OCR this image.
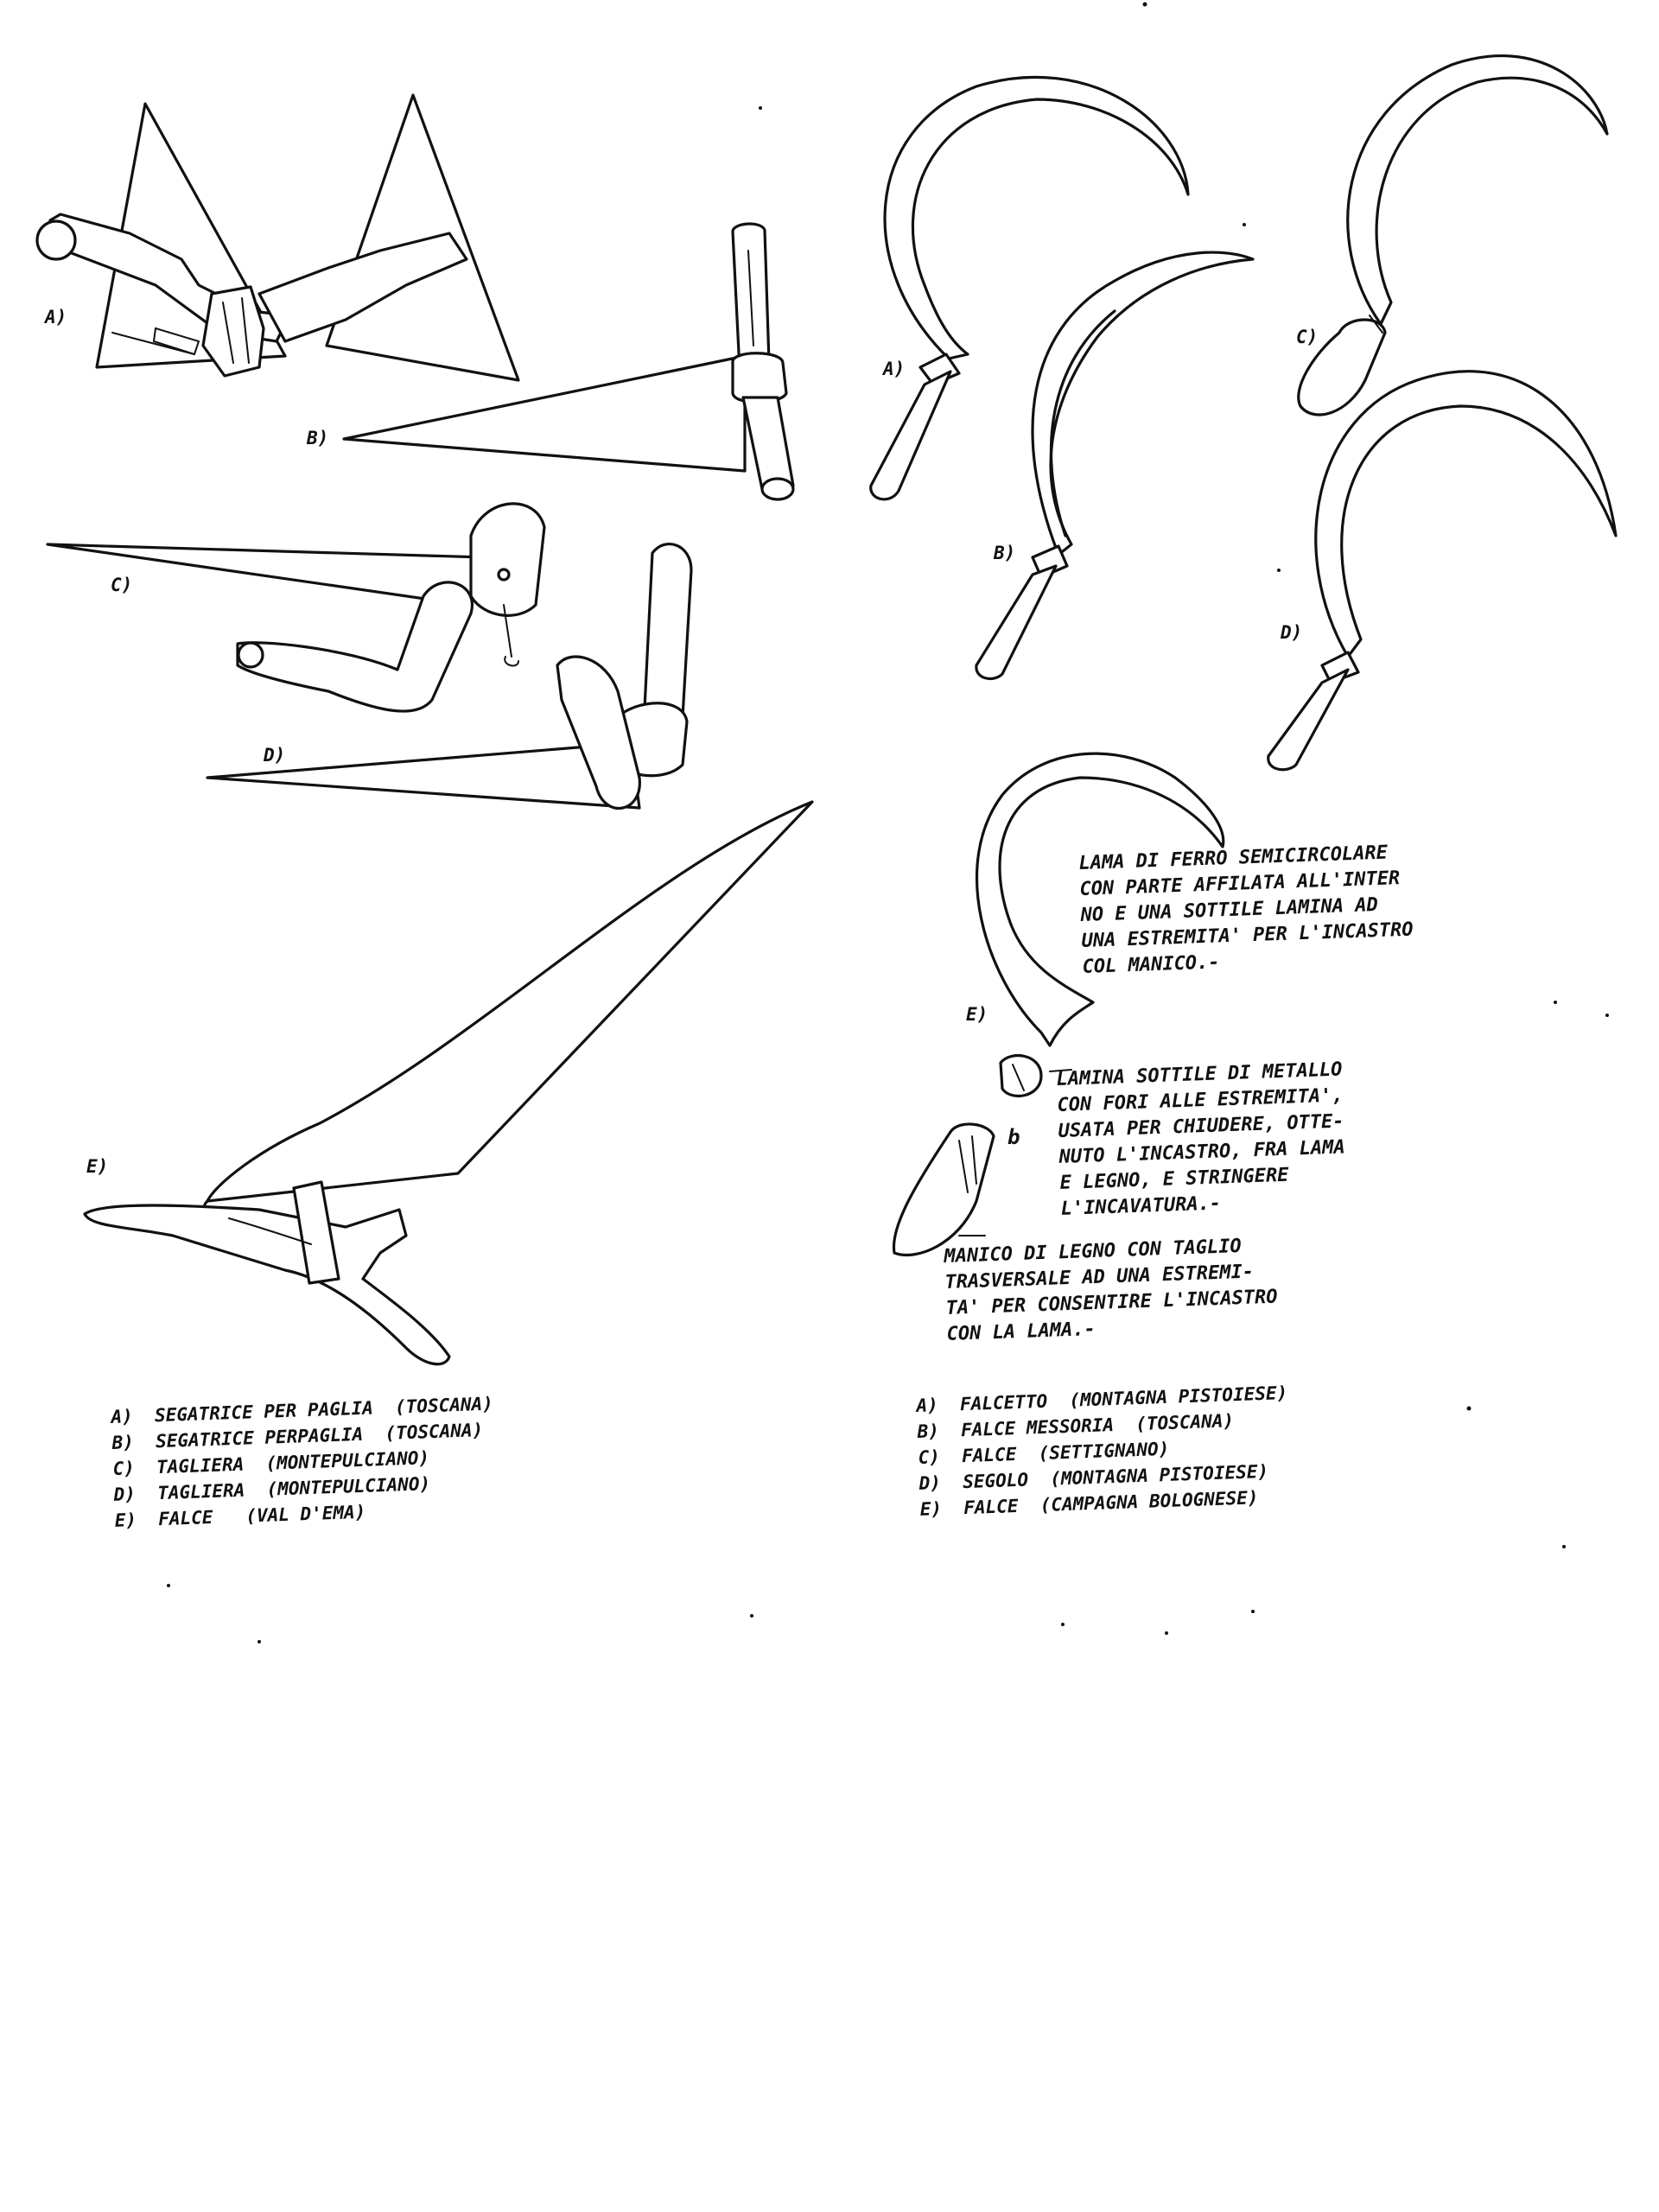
A)
B)
C)
D)
E)
A)
B)
C)
D)
E)
b
LAMA DI FERRO SEMICIRCOLARE
CON PARTE AFFILATA ALL'INTER
NO E UNA SOTTILE LAMINA AD
UNA ESTREMITA' PER L'INCASTRO
COL MANICO.-
LAMINA SOTTILE DI METALLO
CON FORI ALLE ESTREMITA',
USATA PER CHIUDERE, OTTE-
NUTO L'INCASTRO, FRA LAMA
E LEGNO, E STRINGERE
L'INCAVATURA.-
MANICO DI LEGNO CON TAGLIO
TRASVERSALE AD UNA ESTREMI-
TA' PER CONSENTIRE L'INCASTRO
CON LA LAMA.-
A)  SEGATRICE PER PAGLIA  (TOSCANA)
B)  SEGATRICE PERPAGLIA  (TOSCANA)
C)  TAGLIERA  (MONTEPULCIANO)
D)  TAGLIERA  (MONTEPULCIANO)
E)  FALCE   (VAL D'EMA)
A)  FALCETTO  (MONTAGNA PISTOIESE)
B)  FALCE MESSORIA  (TOSCANA)
C)  FALCE  (SETTIGNANO)
D)  SEGOLO  (MONTAGNA PISTOIESE)
E)  FALCE  (CAMPAGNA BOLOGNESE)
